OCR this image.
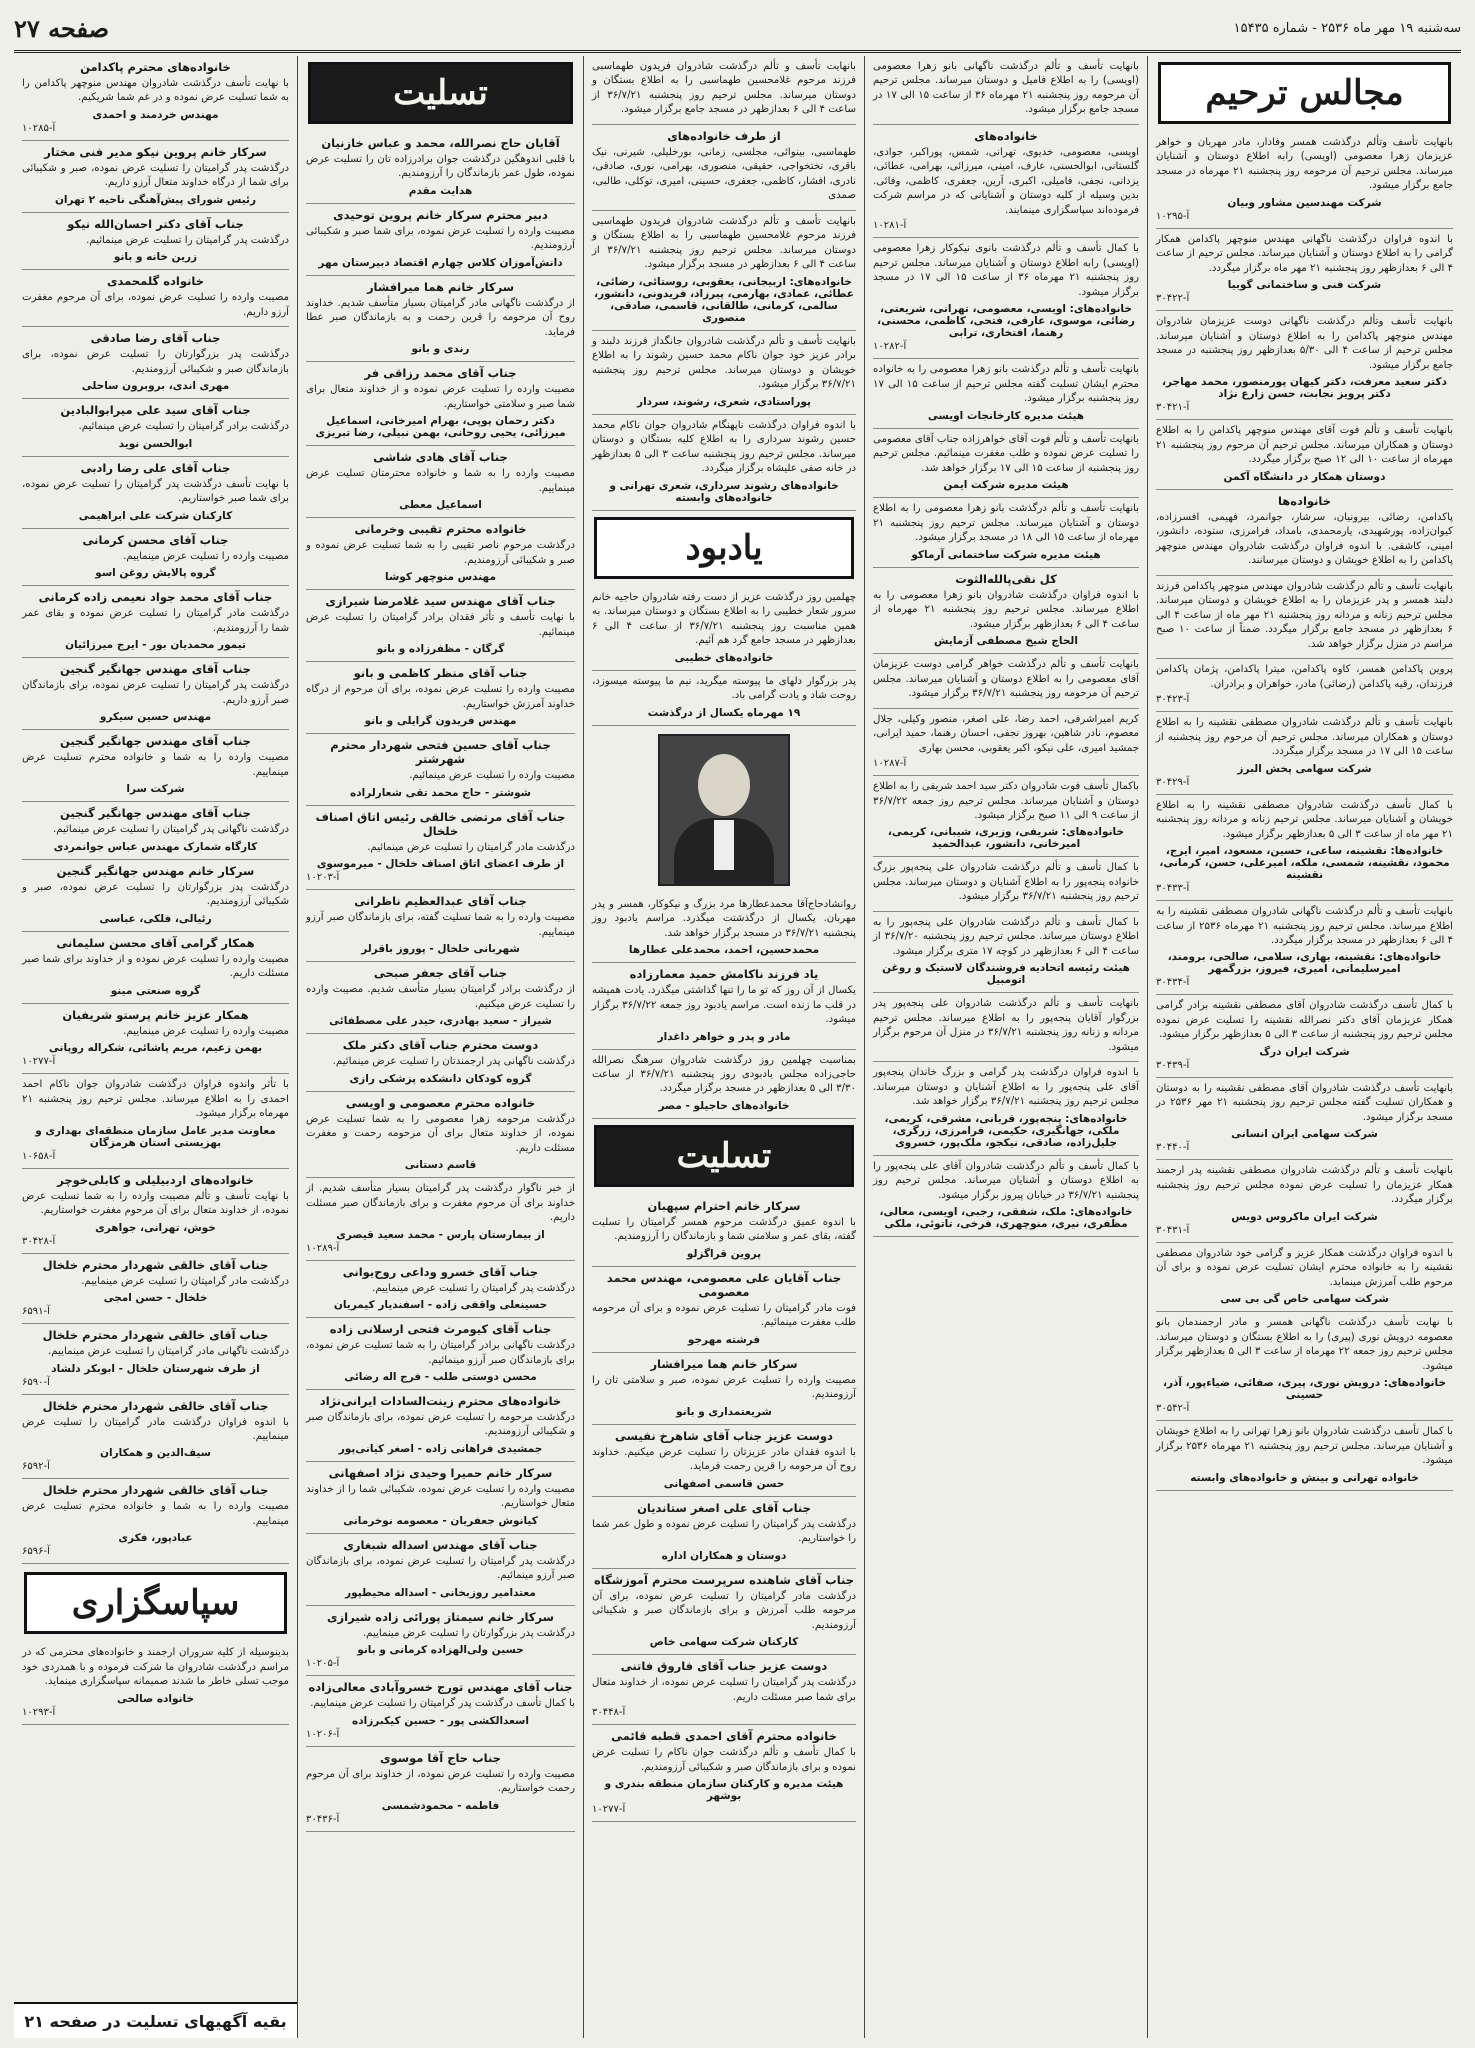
سه‌شنبه ۱۹ مهر ماه ۲۵۳۶ - شماره ۱۵۴۳۵
صفحه ۲۷
مجالس ترحیم

بانهایت تأسف وتألم درگذشت همسر وفادار، مادر مهربان و خواهر عزیزمان زهرا معصومی (اویسی) رابه اطلاع دوستان و آشنایان میرساند. مجلس ترحیم آن مرحومه روز پنجشنبه ۲۱ مهرماه در مسجد جامع برگزار میشود.

شرکت مهندسین مشاور وبیان
آ-۱۰۲۹۵

با اندوه فراوان درگذشت ناگهانی مهندس منوچهر پاکدامن همکار گرامی را به اطلاع دوستان و آشنایان میرساند. مجلس ترحیم از ساعت ۴ الی ۶ بعدازظهر روز پنجشنبه ۲۱ مهر ماه برگزار میگردد.

شرکت فنی و ساختمانی گوبیا
آ-۳۰۴۲۲

بانهایت تأسف وتألم درگذشت ناگهانی دوست عزیزمان شادروان مهندس منوچهر پاکدامن را به اطلاع دوستان و آشنایان میرساند. مجلس ترحیم از ساعت ۴ الی ۵/۳۰ بعدازظهر روز پنجشنبه در مسجد جامع برگزار میشود.

دکتر سعید معرفت، دکتر کیهان پورمنصور، محمد مهاجر، دکتر پرویز نجابت، حسن زارع نژاد
آ-۳۰۴۲۱

بانهایت تأسف و تألم فوت آقای مهندس منوچهر پاکدامن را به اطلاع دوستان و همکاران میرساند. مجلس ترحیم آن مرحوم روز پنجشنبه ۲۱ مهرماه از ساعت ۱۰ الی ۱۲ صبح برگزار میگردد.

دوستان همکار در دانشگاه آکمن
خانواده‌ها

پاکدامن، رضائی، بیرونیان، سرشار، جوانمرد، فهیمی، افسرزاده، کیوان‌زاده، پورشهیدی، یارمحمدی، بامداد، فرامرزی، ستوده، دانشور، امینی، کاشفی. با اندوه فراوان درگذشت شادروان مهندس منوچهر پاکدامن را به اطلاع خویشان و دوستان میرسانند.

بانهایت تأسف و تألم درگذشت شادروان مهندس منوچهر پاکدامن فرزند دلبند همسر و پدر عزیزمان را به اطلاع خویشان و دوستان میرساند. مجلس ترحیم زنانه و مردانه روز پنجشنبه ۲۱ مهر ماه از ساعت ۴ الی ۶ بعدازظهر در مسجد جامع برگزار میگردد. ضمناً از ساعت ۱۰ صبح مراسم در منزل برگزار خواهد شد.

پروین پاکدامن همسر، کاوه پاکدامن، میترا پاکدامن، پژمان پاکدامن فرزندان، رقیه پاکدامن (رضائی) مادر، خواهران و برادران.

آ-۳۰۴۲۳

بانهایت تأسف و تألم درگذشت شادروان مصطفی نقشینه را به اطلاع دوستان و همکاران میرساند. مجلس ترحیم آن مرحوم روز پنجشنبه از ساعت ۱۵ الی ۱۷ در مسجد برگزار میگردد.

شرکت سهامی پخش البرز
آ-۳۰۴۲۹

با کمال تأسف درگذشت شادروان مصطفی نقشینه را به اطلاع خویشان و آشنایان میرساند. مجلس ترحیم زنانه و مردانه روز پنجشنبه ۲۱ مهر ماه از ساعت ۳ الی ۵ بعدازظهر برگزار میشود.

خانواده‌ها: نقشینه، ساعی، حسین، مسعود، امیر، ایرج، محمود، نقشینه، شمسی، ملکه، امیرعلی، حسن، کرمانی، نقشینه
آ-۳۰۴۳۳

بانهایت تأسف و تألم درگذشت ناگهانی شادروان مصطفی نقشینه را به اطلاع میرساند. مجلس ترحیم روز پنجشنبه ۲۱ مهرماه ۲۵۳۶ از ساعت ۴ الی ۶ بعدازظهر در مسجد برگزار میگردد.

خانواده‌های: نقشینه، بهاری، سلامی، صالحی، برومند، امیرسلیمانی، امیری، فیروز، بزرگمهر
آ-۳۰۴۳۴

با کمال تأسف درگذشت شادروان آقای مصطفی نقشینه برادر گرامی همکار عزیزمان آقای دکتر نصرالله نقشینه را تسلیت عرض نموده مجلس ترحیم روز پنجشنبه از ساعت ۳ الی ۵ بعدازظهر برگزار میشود.

شرکت ایران درگ
آ-۳۰۴۳۹

بانهایت تأسف درگذشت شادروان آقای مصطفی نقشینه را به دوستان و همکاران تسلیت گفته مجلس ترحیم روز پنجشنبه ۲۱ مهر ۲۵۳۶ در مسجد برگزار میشود.

شرکت سهامی ایران انسانی
آ-۳۰۴۴۰

بانهایت تأسف و تألم درگذشت شادروان مصطفی نقشینه پدر ارجمند همکار عزیزمان را تسلیت عرض نموده مجلس ترحیم روز پنجشنبه برگزار میگردد.

شرکت ایران ماکروس دویس
آ-۳۰۴۳۱

با اندوه فراوان درگذشت همکار عزیز و گرامی خود شادروان مصطفی نقشینه را به خانواده محترم ایشان تسلیت عرض نموده و برای آن مرحوم طلب آمرزش مینماید.

شرکت سهامی خاص گی بی سی

با نهایت تأسف درگذشت ناگهانی همسر و مادر ارجمندمان بانو معصومه درویش نوری (پیری) را به اطلاع بستگان و دوستان میرساند. مجلس ترحیم روز جمعه ۲۲ مهرماه از ساعت ۳ الی ۵ بعدازظهر برگزار میشود.

خانواده‌های: درویش نوری، پیری، صفائی، ضیاءپور، آذر، حسینی
آ-۳۰۵۴۲

با کمال تأسف درگذشت شادروان بانو زهرا تهرانی را به اطلاع خویشان و آشنایان میرساند. مجلس ترحیم روز پنجشنبه ۲۱ مهرماه ۲۵۳۶ برگزار میشود.

خانواده تهرانی و بینش و خانواده‌های وابسته

بانهایت تأسف و تألم درگذشت ناگهانی بانو زهرا معصومی (اویسی) را به اطلاع فامیل و دوستان میرساند. مجلس ترحیم آن مرحومه روز پنجشنبه ۲۱ مهرماه ۳۶ از ساعت ۱۵ الی ۱۷ در مسجد جامع برگزار میشود.

خانواده‌های

اویسی، معصومی، خدیوی، تهرانی، شمس، پوراکبر، جوادی، گلستانی، ابوالحسنی، عارف، امینی، میرزائی، بهرامی، عطائی، یزدانی، نجفی، فامیلی، اکبری، آرین، جعفری، کاظمی، وفائی. بدین وسیله از کلیه دوستان و آشنایانی که در مراسم شرکت فرموده‌اند سپاسگزاری مینمایند.

آ-۱۰۲۸۱

با کمال تأسف و تألم درگذشت بانوی نیکوکار زهرا معصومی (اویسی) رابه اطلاع دوستان و آشنایان میرساند. مجلس ترحیم روز پنجشنبه ۲۱ مهرماه ۳۶ از ساعت ۱۵ الی ۱۷ در مسجد برگزار میشود.

خانواده‌های: اویسی، معصومی، تهرانی، شریعتی، رضائی، موسوی، عارفی، فتحی، کاظمی، محسنی، رهنما، افتخاری، ترابی
آ-۱۰۲۸۲

بانهایت تأسف و تألم درگذشت بانو زهرا معصومی را به خانواده محترم ایشان تسلیت گفته مجلس ترحیم از ساعت ۱۵ الی ۱۷ روز پنجشنبه برگزار میشود.

هیئت مدیره کارخانجات اویسی

بانهایت تأسف و تألم فوت آقای خواهرزاده جناب آقای معصومی را تسلیت عرض نموده و طلب مغفرت مینمائیم. مجلس ترحیم روز پنجشنبه از ساعت ۱۵ الی ۱۷ برگزار خواهد شد.

هیئت مدیره شرکت ایمن

بانهایت تأسف و تألم درگذشت بانو زهرا معصومی را به اطلاع دوستان و آشنایان میرساند. مجلس ترحیم روز پنجشنبه ۲۱ مهرماه از ساعت ۱۵ الی ۱۸ در مسجد برگزار میشود.

هیئت مدیره شرکت ساختمانی آرماکو
کل نقی‌پالله‌الثوت

با اندوه فراوان درگذشت شادروان بانو زهرا معصومی را به اطلاع میرساند. مجلس ترحیم روز پنجشنبه ۲۱ مهرماه از ساعت ۴ الی ۶ بعدازظهر برگزار میشود.

الحاج شیخ مصطفی آزمایش

بانهایت تأسف و تألم درگذشت خواهر گرامی دوست عزیزمان آقای معصومی را به اطلاع دوستان و آشنایان میرساند. مجلس ترحیم آن مرحومه روز پنجشنبه ۳۶/۷/۲۱ برگزار میشود.

کریم امیراشرفی، احمد رضا، علی اصغر، منصور وکیلی، جلال معصوم، نادر شاهین، بهروز نجفی، احسان رهنما، حمید ایرانی، جمشید امیری، علی نیکو، اکبر یعقوبی، محسن بهاری

آ-۱۰۲۸۷

باکمال تأسف فوت شادروان دکتر سید احمد شریفی را به اطلاع دوستان و آشنایان میرساند. مجلس ترحیم روز جمعه ۳۶/۷/۲۲ از ساعت ۹ الی ۱۱ صبح برگزار میشود.

خانواده‌های: شریفی، وزیری، شیبانی، کریمی، امیرخانی، دانشور، عبدالحمید

با کمال تأسف و تألم درگذشت شادروان علی پنجه‌پور بزرگ خانواده پنجه‌پور را به اطلاع آشنایان و دوستان میرساند. مجلس ترحیم روز پنجشنبه ۳۶/۷/۲۱ برگزار میشود.

با کمال تأسف و تألم درگذشت شادروان علی پنجه‌پور را به اطلاع دوستان میرساند. مجلس ترحیم روز پنجشنبه ۳۶/۷/۲۰ از ساعت ۴ الی ۶ بعدازظهر در کوچه ۱۷ متری برگزار میشود.

هیئت رئیسه اتحادیه فروشندگان لاستیک و روغن اتومبیل

بانهایت تأسف و تألم درگذشت شادروان علی پنجه‌پور پدر بزرگوار آقایان پنجه‌پور را به اطلاع میرساند. مجلس ترحیم مردانه و زنانه روز پنجشنبه ۳۶/۷/۲۱ در منزل آن مرحوم برگزار میشود.

با اندوه فراوان درگذشت پدر گرامی و بزرگ خاندان پنجه‌پور آقای علی پنجه‌پور را به اطلاع آشنایان و دوستان میرساند. مجلس ترحیم روز پنجشنبه ۳۶/۷/۲۱ برگزار خواهد شد.

خانواده‌های: پنجه‌پور، قربانی، مشرقی، کریمی، ملکی، جهانگیری، حکیمی، فرامرزی، زرگری، جلیل‌زاده، صادقی، نیکجو، ملک‌پور، خسروی

با کمال تأسف و تألم درگذشت شادروان آقای علی پنجه‌پور را به اطلاع دوستان و آشنایان میرساند. مجلس ترحیم روز پنجشنبه ۳۶/۷/۲۱ در خیابان پیروز برگزار میشود.

خانواده‌های: ملک، شفقی، رجبی، اویسی، معالی، مظفری، نیری، منوچهری، فرخی، تاتوئی، ملکی

بانهایت تأسف و تألم درگذشت شادروان فریدون طهماسبی فرزند مرحوم غلامحسین طهماسبی را به اطلاع بستگان و دوستان میرساند. مجلس ترحیم روز پنجشنبه ۳۶/۷/۲۱ از ساعت ۴ الی ۶ بعدازظهر در مسجد جامع برگزار میشود.

از طرف خانواده‌های

طهماسبی، بینوائی، مجلسی، زمانی، بورخلیلی، شیرنی، نیک باقری، تختخواجی، حقیقی، منصوری، بهرامی، نوری، صادقی، نادری، افشار، کاظمی، جعفری، حسینی، امیری، توکلی، طالبی، صمدی

بانهایت تأسف و تألم درگذشت شادروان فریدون طهماسبی فرزند مرحوم غلامحسین طهماسبی را به اطلاع بستگان و دوستان میرساند. مجلس ترحیم روز پنجشنبه ۳۶/۷/۲۱ از ساعت ۴ الی ۶ بعدازظهر در مسجد برگزار میشود.

خانواده‌های: اربیجانی، یعقوبی، روستائی، رضائی، عطائی، عمادی، بهارمی، پیرزاد، فریدونی، دانشور، سالمی، کرمانی، طالقانی، قاسمی، صادقی، منصوری

بانهایت تأسف و تألم درگذشت شادروان جانگداز فرزند دلبند و برادر عزیز خود جوان ناکام محمد حسین رشوند را به اطلاع خویشان و دوستان میرساند. مجلس ترحیم روز پنجشنبه ۳۶/۷/۲۱ برگزار میشود.

پوراستادی، شعری، رشوند، سردار

با اندوه فراوان درگذشت ناپهنگام شادروان جوان ناکام محمد حسین رشوند سرداری را به اطلاع کلیه بستگان و دوستان میرساند. مجلس ترحیم روز پنجشنبه ساعت ۳ الی ۵ بعدازظهر در خانه صفی علیشاه برگزار میگردد.

خانواده‌های رشوند سرداری، شعری تهرانی و خانواده‌های وابسته
یادبود

چهلمین روز درگذشت عزیز از دست رفته شادروان حاجیه خانم سرور شعار خطیبی را به اطلاع بستگان و دوستان میرساند. به همین مناسبت روز پنجشنبه ۳۶/۷/۲۱ از ساعت ۴ الی ۶ بعدازظهر در مسجد جامع گرد هم آئیم.

خانواده‌های خطیبی

پدر بزرگوار دلهای ما پیوسته میگرید، نیم ما پیوسته میسوزد، روحت شاد و یادت گرامی باد.

۱۹ مهرماه یکسال از درگذشت

روانشادحاج‌آقا محمدعطارها مرد بزرگ و نیکوکار، همسر و پدر مهربان. یکسال از درگذشتت میگذرد. مراسم یادبود روز پنجشنبه ۳۶/۷/۲۱ در مسجد برگزار خواهد شد.

محمدحسین، احمد، محمدعلی عطارها
یاد فرزند ناکامش حمید معمارزاده

یکسال از آن روز که تو ما را تنها گذاشتی میگذرد. یادت همیشه در قلب ما زنده است. مراسم یادبود روز جمعه ۳۶/۷/۲۲ برگزار میشود.

مادر و پدر و خواهر داغدار

بمناسبت چهلمین روز درگذشت شادروان سرهنگ نصرالله حاجی‌زاده مجلس یادبودی روز پنجشنبه ۳۶/۷/۲۱ از ساعت ۳/۳۰ الی ۵ بعدازظهر در مسجد برگزار میگردد.

خانواده‌های حاجیلو - مصر
تسلیت
سرکار خانم احترام سپهبان

با اندوه عمیق درگذشت مرحوم همسر گرامیتان را تسلیت گفته، بقای عمر و سلامتی شما و بازماندگان را آرزومندیم.

پروین قراگزلو
جناب آقایان علی معصومی، مهندس محمد معصومی

فوت مادر گرامیتان را تسلیت عرض نموده و برای آن مرحومه طلب مغفرت مینمائیم.

فرشته مهرجو
سرکار خانم هما میرافشار

مصیبت وارده را تسلیت عرض نموده، صبر و سلامتی تان را آرزومندیم.

شریعتمداری و بانو
دوست عزیز جناب آقای شاهرخ نفیسی

با اندوه فقدان مادر عزیزتان را تسلیت عرض میکنیم. خداوند روح آن مرحومه را قرین رحمت فرماید.

حسن قاسمی اصفهانی
جناب آقای علی اصغر ستاندیان

درگذشت پدر گرامیتان را تسلیت عرض نموده و طول عمر شما را خواستاریم.

دوستان و همکاران اداره
جناب آقای شاهنده سرپرست محترم آموزشگاه

درگذشت مادر گرامیتان را تسلیت عرض نموده، برای آن مرحومه طلب آمرزش و برای بازماندگان صبر و شکیبائی آرزومندیم.

کارکنان شرکت سهامی خاص
دوست عزیز جناب آقای فاروق فاتنی

درگذشت پدر گرامیتان را تسلیت عرض نموده، از خداوند متعال برای شما صبر مسئلت داریم.

آ-۳۰۴۴۸
خانواده محترم آقای احمدی قطبه قائمی

با کمال تأسف و تألم درگذشت جوان ناکام را تسلیت عرض نموده و برای بازماندگان صبر و شکیبائی آرزومندیم.

هیئت مدیره و کارکنان سازمان منطقه بندری و بوشهر
آ-۱۰۲۷۷
تسلیت
آقایان حاج نصرالله، محمد و عباس خازنیان

با قلبی اندوهگین درگذشت جوان برادرزاده تان را تسلیت عرض نموده، طول عمر بازماندگان را آرزومندیم.

هدایت مقدم
دبیر محترم سرکار خانم پروین توحیدی

مصیبت وارده را تسلیت عرض نموده، برای شما صبر و شکیبائی آرزومندیم.

دانش‌آموزان کلاس چهارم اقتصاد دبیرستان مهر
سرکار خانم هما میرافشار

از درگذشت ناگهانی مادر گرامیتان بسیار متأسف شدیم. خداوند روح آن مرحومه را قرین رحمت و به بازماندگان صبر عطا فرماید.

رندی و بانو
جناب آقای محمد رزاقی فر

مصیبت وارده را تسلیت عرض نموده و از خداوند متعال برای شما صبر و سلامتی خواستاریم.

دکتر رحمان پوپی، بهرام امیرخانی، اسماعیل میرزائی، یحیی روحانی، بهمن نبیلی، رضا تبریزی
جناب آقای هادی شاشی

مصیبت وارده را به شما و خانواده محترمتان تسلیت عرض مینماییم.

اسماعیل معطی
خانواده محترم تقیبی وخرمانی

درگذشت مرحوم ناصر تقیبی را به شما تسلیت عرض نموده و صبر و شکیبائی آرزومندیم.

مهندس منوچهر کوشا
جناب آقای مهندس سید غلامرضا شیرازی

با نهایت تأسف و تأثر فقدان برادر گرامیتان را تسلیت عرض مینمائیم.

گرگان - مظفرزاده و بانو
جناب آقای منظر کاظمی و بانو

مصیبت وارده را تسلیت عرض نموده، برای آن مرحوم از درگاه خداوند آمرزش خواستاریم.

مهندس فریدون گرایلی و بانو
جناب آقای حسین فتحی شهردار محترم شهرشتر

مصیبت وارده را تسلیت عرض مینمائیم.

شوشتر - حاج محمد تقی شعارلراده
جناب آقای مرتضی خالقی رئیس اتاق اصناف خلخال

درگذشت مادر گرامیتان را تسلیت عرض مینمائیم.

از طرف اعضای اتاق اصناف خلخال - میرموسوی
آ-۱۰۲۰۳
جناب آقای عبدالعظیم ناظرانی

مصیبت وارده را به شما تسلیت گفته، برای بازماندگان صبر آرزو مینماییم.

شهربانی خلخال - پوروز باقرلر
جناب آقای جعفر صبحی

از درگذشت برادر گرامیتان بسیار متأسف شدیم. مصیبت وارده را تسلیت عرض میکنیم.

شیراز - سعید بهادری، حیدر علی مصطفائی
دوست محترم جناب آقای دکتر ملک

درگذشت ناگهانی پدر ارجمندتان را تسلیت عرض مینمائیم.

گروه کودکان دانشکده پزشکی رازی
خانواده محترم معصومی و اویسی

درگذشت مرحومه زهرا معصومی را به شما تسلیت عرض نموده، از خداوند متعال برای آن مرحومه رحمت و مغفرت مسئلت داریم.

قاسم دستانی

از خبر ناگوار درگذشت پدر گرامیتان بسیار متأسف شدیم. از خداوند برای آن مرحوم مغفرت و برای بازماندگان صبر مسئلت داریم.

از بیمارستان پارس - محمد سعید قیصری
آ-۱۰۲۸۹
جناب آقای خسرو وداعی روح‌یوانی

درگذشت پدر گرامیتان را تسلیت عرض مینماییم.

حسینعلی واقفی زاده - اسفندیار کیمریان
جناب آقای کیومرث فتحی ارسلانی زاده

درگذشت ناگهانی برادر گرامیتان را به شما تسلیت عرض نموده، برای بازماندگان صبر آرزو مینمائیم.

محسن دوستی طلب - فرج اله رضائی
خانواده‌های محترم زینت‌السادات ایرانی‌نژاد

درگذشت مرحومه را تسلیت عرض نموده، برای بازماندگان صبر و شکیبائی آرزومندیم.

جمشیدی فراهانی زاده - اصغر کیانی‌پور
سرکار خانم حمیرا وحیدی نژاد اصفهانی

مصیبت وارده را تسلیت عرض نموده، شکیبائی شما را از خداوند متعال خواستاریم.

کیانوش جعفریان - معصومه نوخرمانی
جناب آقای مهندس اسداله شبغاری

درگذشت پدر گرامیتان را تسلیت عرض نموده، برای بازماندگان صبر آرزو مینمائیم.

معتدامیر روزبخانی - اسداله محیطپور
سرکار خانم سیمتاز پورائی زاده شیرازی

درگذشت پدر بزرگوارتان را تسلیت عرض مینماییم.

حسین ولی‌الهزاده کرمانی و بانو
آ-۱۰۲۰۵
جناب آقای مهندس تورج خسروآبادی معالی‌زاده

با کمال تأسف درگذشت پدر گرامیتان را تسلیت عرض مینماییم.

اسعدالکشی پور - حسین کیکبرزاده
آ-۱۰۲۰۶
جناب حاج آقا موسوی

مصیبت وارده را تسلیت عرض نموده، از خداوند برای آن مرحوم رحمت خواستاریم.

فاطمه - محمودشمسی
آ-۳۰۴۳۶
خانواده‌های محترم پاکدامن

با نهایت تأسف درگذشت شادروان مهندس منوچهر پاکدامن را به شما تسلیت عرض نموده و در غم شما شریکیم.

مهندس خردمند و احمدی
آ-۱۰۲۸۵
سرکار خانم پروین نیکو مدیر فنی مختار

درگذشت پدر گرامیتان را تسلیت عرض نموده، صبر و شکیبائی برای شما از درگاه خداوند متعال آرزو داریم.

رئیس شورای پیش‌آهنگی ناحیه ۲ تهران
جناب آقای دکتر احسان‌الله نیکو

درگذشت پدر گرامیتان را تسلیت عرض مینمائیم.

زرین خانه و بانو
خانواده گلمحمدی

مصیبت وارده را تسلیت عرض نموده، برای آن مرحوم مغفرت آرزو داریم.

جناب آقای رضا صادقی

درگذشت پدر بزرگوارتان را تسلیت عرض نموده، برای بازماندگان صبر و شکیبائی آرزومندیم.

مهری اندی، بروبرون ساحلی
جناب آقای سید علی میرابوالبادین

درگذشت برادر گرامیتان را تسلیت عرض مینمائیم.

ابوالحسن نوید
جناب آقای علی رضا رادبی

با نهایت تأسف درگذشت پدر گرامیتان را تسلیت عرض نموده، برای شما صبر خواستاریم.

کارکنان شرکت علی ابراهیمی
جناب آقای محسن کرمانی

مصیبت وارده را تسلیت عرض مینماییم.

گروه پالایش روغن اسو
جناب آقای محمد جواد نعیمی زاده کرمانی

درگذشت مادر گرامیتان را تسلیت عرض نموده و بقای عمر شما را آرزومندیم.

تیمور محمدیان بور - ایرج میرزائیان
جناب آقای مهندس جهانگیر گنجین

درگذشت پدر گرامیتان را تسلیت عرض نموده، برای بازماندگان صبر آرزو داریم.

مهندس حسین سیکرو
جناب آقای مهندس جهانگیر گنجین

مصیبت وارده را به شما و خانواده محترم تسلیت عرض مینماییم.

شرکت سرا
جناب آقای مهندس جهانگیر گنجین

درگذشت ناگهانی پدر گرامیتان را تسلیت عرض مینمائیم.

کارگاه شمارک مهندس عباس جوانمردی
سرکار خانم مهندس جهانگیر گنجین

درگذشت پدر بزرگوارتان را تسلیت عرض نموده، صبر و شکیبائی آرزومندیم.

رئیالی، فلکی، عباسی
همکار گرامی آقای محسن سلیمانی

مصیبت وارده را تسلیت عرض نموده و از خداوند برای شما صبر مسئلت داریم.

گروه صنعتی مینو
همکار عزیز خانم پرستو شریفیان

مصیبت وارده را تسلیت عرض مینماییم.

بهمن زعیم، مریم پاشائی، شکراله روپانی
آ-۱۰۲۷۷

با تأثر واندوه فراوان درگذشت شادروان جوان ناکام احمد احمدی را به اطلاع میرساند. مجلس ترحیم روز پنجشنبه ۲۱ مهرماه برگزار میشود.

معاونت مدیر عامل سازمان منطقه‌ای بهداری و بهزیستی استان هرمزگان
آ-۱۰۶۵۸
خانواده‌های اردبیلیلی و کابلی‌خوچر

با نهایت تأسف و تألم مصیبت وارده را به شما تسلیت عرض نموده، از خداوند متعال برای آن مرحوم مغفرت خواستاریم.

خوش، تهرانی، جواهری
آ-۳۰۴۲۸
جناب آقای خالقی شهردار محترم خلخال

درگذشت مادر گرامیتان را تسلیت عرض مینماییم.

خلخال - حسن امجی
آ-۶۵۹۱
جناب آقای خالقی شهردار محترم خلخال

درگذشت ناگهانی مادر گرامیتان را تسلیت عرض مینماییم.

از طرف شهرستان خلخال - ابوبکر دلشاد
آ-۶۵۹۰
جناب آقای خالقی شهردار محترم خلخال

با اندوه فراوان درگذشت مادر گرامیتان را تسلیت عرض مینماییم.

سیف‌الدین و همکاران
آ-۶۵۹۲
جناب آقای خالقی شهردار محترم خلخال

مصیبت وارده را به شما و خانواده محترم تسلیت عرض مینماییم.

عبادپور، فکری
آ-۶۵۹۶
سپاسگزاری

بدینوسیله از کلیه سروران ارجمند و خانواده‌های محترمی که در مراسم درگذشت شادروان ما شرکت فرموده و با همدردی خود موجب تسلی خاطر ما شدند صمیمانه سپاسگزاری مینماید.

خانواده صالحی
آ-۱۰۲۹۳
بقیه آگهیهای تسلیت در صفحه ۲۱
